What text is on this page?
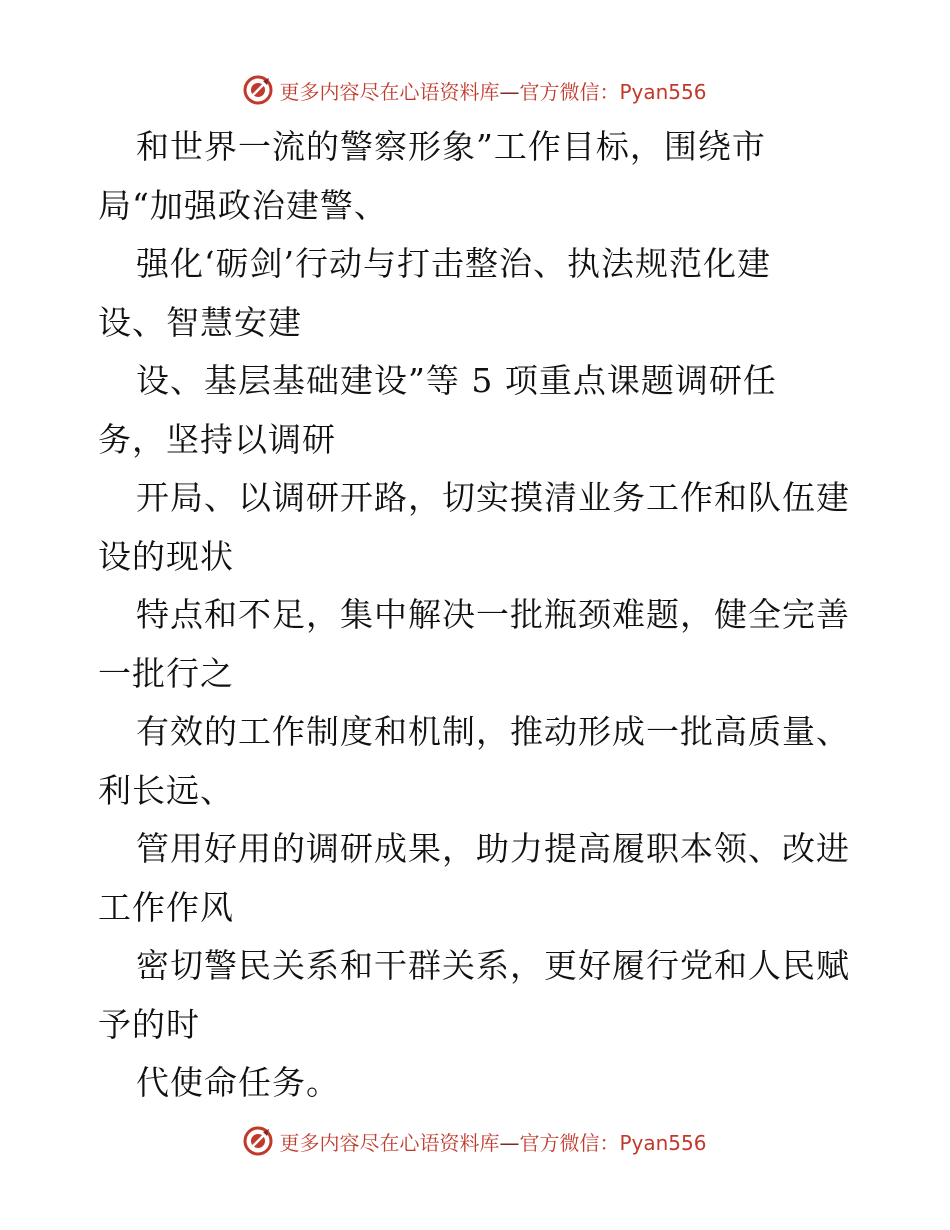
更多内容尽在心语资料库—官方微信：Pyan556
和世界一流的警察形象”工作目标，围绕市
局“加强政治建警、
强化‘砺剑’行动与打击整治、执法规范化建
设、智慧安建
设、基层基础建设”等 5 项重点课题调研任
务，坚持以调研
开局、以调研开路，切实摸清业务工作和队伍建
设的现状
特点和不足，集中解决一批瓶颈难题，健全完善
一批行之
有效的工作制度和机制，推动形成一批高质量、
利长远、
管用好用的调研成果，助力提高履职本领、改进
工作作风
密切警民关系和干群关系，更好履行党和人民赋
予的时
代使命任务。
更多内容尽在心语资料库—官方微信：Pyan556
